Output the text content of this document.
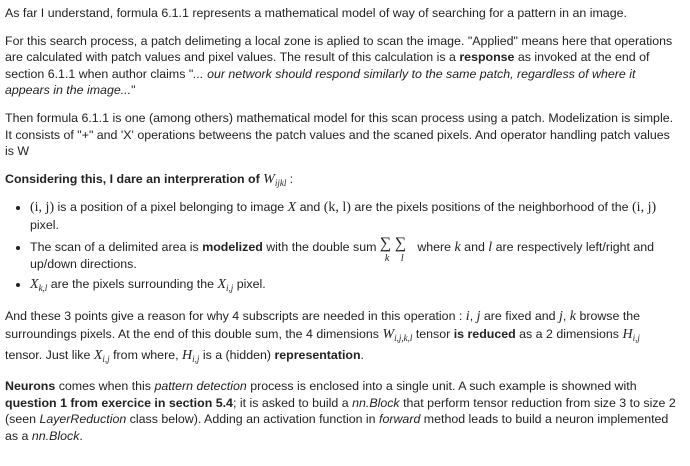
As far I understand, formula 6.1.1 represents a mathematical model of way of searching for a pattern in an image.

For this search process, a patch delimeting a local zone is aplied to scan the image. "Applied" means here that operations are calculated with patch values and pixel values. The result of this calculation is a response as invoked at the end of section 6.1.1 when author claims "... our network should respond similarly to the same patch, regardless of where it appears in the image..."

Then formula 6.1.1 is one (among others) mathematical model for this scan process using a patch. Modelization is simple. It consists of "+" and 'X' operations betweens the patch values and the scaned pixels. And operator handling patch values is W

Considering this, I dare an interpreration of $W_{ijkl}$ :

• (i, j) is a position of a pixel belonging to image X and (k, l) are the pixels positions of the neighborhood of the (i, j) pixel.
• The scan of a delimited area is modelized with the double sum ∑ ∑
k l
where k and l are respectively left/right and up/down directions.
• $X_{k,l}$ are the pixels surrounding the $X_{i,j}$ pixel.

And these 3 points give a reason for why 4 subscripts are needed in this operation : i, j are fixed and j, k browse the surroundings pixels. At the end of this double sum, the 4 dimensions $W_{i,j,k,l}$ tensor is reduced as a 2 dimensions $H_{i,j}$ tensor. Just like $X_{i,j}$ from where, $H_{i,j}$ is a (hidden) representation.

Neurons comes when this pattern detection process is enclosed into a single unit. A such example is showned with question 1 from exercice in section 5.4; it is asked to build a nn.Block that perform tensor reduction from size 3 to size 2 (seen LayerReduction class below). Adding an activation function in forward method leads to build a neuron implemented as a nn.Block.
